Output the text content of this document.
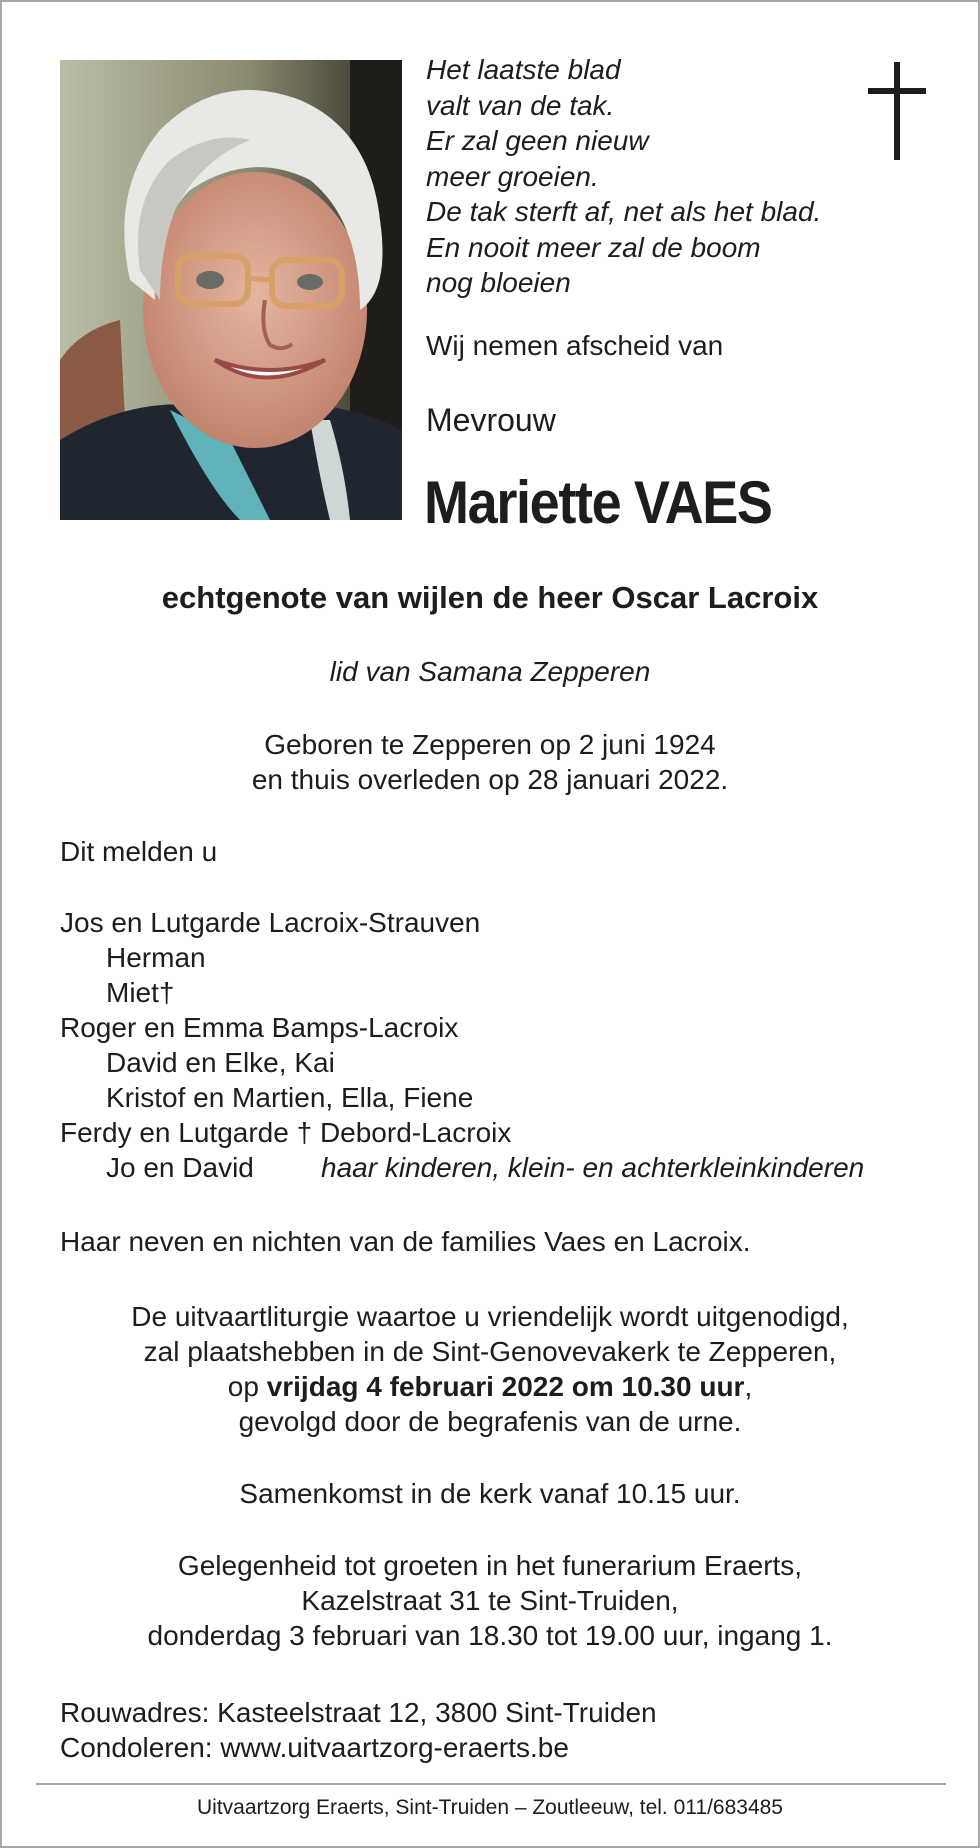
Het laatste blad
valt van de tak.
Er zal geen nieuw
meer groeien.
De tak sterft af, net als het blad.
En nooit meer zal de boom
nog bloeien
Wij nemen afscheid van
Mevrouw
Mariette VAES
echtgenote van wijlen de heer Oscar Lacroix
lid van Samana Zepperen
Geboren te Zepperen op 2 juni 1924
en thuis overleden op 28 januari 2022.
Dit melden u
Jos en Lutgarde Lacroix-Strauven
Herman
Miet†
Roger en Emma Bamps-Lacroix
David en Elke, Kai
Kristof en Martien, Ella, Fiene
Ferdy en Lutgarde † Debord-Lacroix
Jo en David haar kinderen, klein- en achterkleinkinderen
Haar neven en nichten van de families Vaes en Lacroix.
De uitvaartliturgie waartoe u vriendelijk wordt uitgenodigd,
zal plaatshebben in de Sint-Genovevakerk te Zepperen,
op vrijdag 4 februari 2022 om 10.30 uur,
gevolgd door de begrafenis van de urne.
Samenkomst in de kerk vanaf 10.15 uur.
Gelegenheid tot groeten in het funerarium Eraerts,
Kazelstraat 31 te Sint-Truiden,
donderdag 3 februari van 18.30 tot 19.00 uur, ingang 1.
Rouwadres: Kasteelstraat 12, 3800 Sint-Truiden
Condoleren: www.uitvaartzorg-eraerts.be
Uitvaartzorg Eraerts, Sint-Truiden – Zoutleeuw, tel. 011/683485
